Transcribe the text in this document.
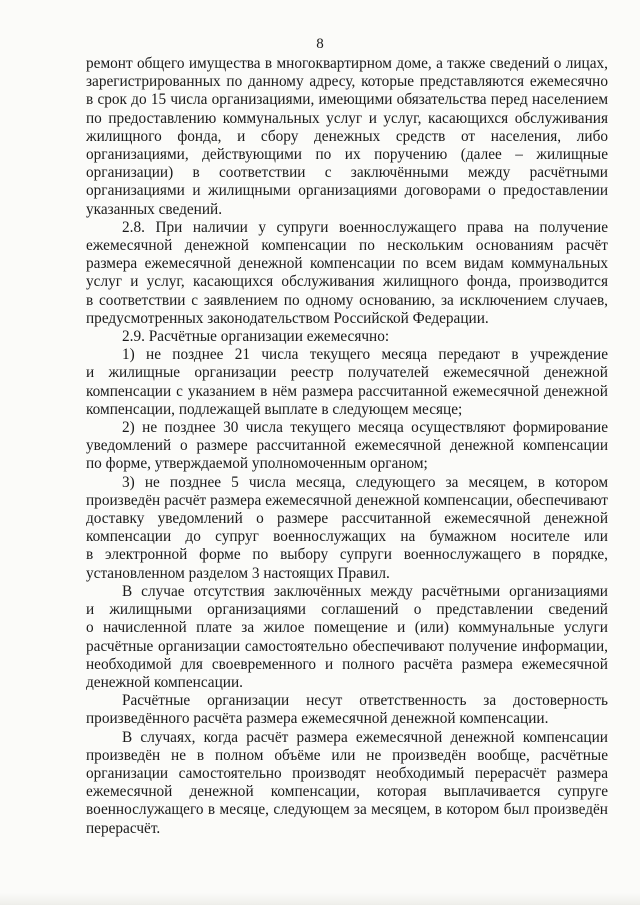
8

ремонт общего имущества в многоквартирном доме, а также сведений о лицах,

зарегистрированных по данному адресу, которые представляются ежемесячно

в срок до 15 числа организациями, имеющими обязательства перед населением

по предоставлению коммунальных услуг и услуг, касающихся обслуживания

жилищного фонда, и сбору денежных средств от населения, либо

организациями, действующими по их поручению (далее – жилищные

организации) в соответствии с заключёнными между расчётными

организациями и жилищными организациями договорами о предоставлении

указанных сведений.

2.8. При наличии у супруги военнослужащего права на получение

ежемесячной денежной компенсации по нескольким основаниям расчёт

размера ежемесячной денежной компенсации по всем видам коммунальных

услуг и услуг, касающихся обслуживания жилищного фонда, производится

в соответствии с заявлением по одному основанию, за исключением случаев,

предусмотренных законодательством Российской Федерации.

2.9. Расчётные организации ежемесячно:

1) не позднее 21 числа текущего месяца передают в учреждение

и жилищные организации реестр получателей ежемесячной денежной

компенсации с указанием в нём размера рассчитанной ежемесячной денежной

компенсации, подлежащей выплате в следующем месяце;

2) не позднее 30 числа текущего месяца осуществляют формирование

уведомлений о размере рассчитанной ежемесячной денежной компенсации

по форме, утверждаемой уполномоченным органом;

3) не позднее 5 числа месяца, следующего за месяцем, в котором

произведён расчёт размера ежемесячной денежной компенсации, обеспечивают

доставку уведомлений о размере рассчитанной ежемесячной денежной

компенсации до супруг военнослужащих на бумажном носителе или

в электронной форме по выбору супруги военнослужащего в порядке,

установленном разделом 3 настоящих Правил.

В случае отсутствия заключённых между расчётными организациями

и жилищными организациями соглашений о представлении сведений

о начисленной плате за жилое помещение и (или) коммунальные услуги

расчётные организации самостоятельно обеспечивают получение информации,

необходимой для своевременного и полного расчёта размера ежемесячной

денежной компенсации.

Расчётные организации несут ответственность за достоверность

произведённого расчёта размера ежемесячной денежной компенсации.

В случаях, когда расчёт размера ежемесячной денежной компенсации

произведён не в полном объёме или не произведён вообще, расчётные

организации самостоятельно производят необходимый перерасчёт размера

ежемесячной денежной компенсации, которая выплачивается супруге

военнослужащего в месяце, следующем за месяцем, в котором был произведён

перерасчёт.
